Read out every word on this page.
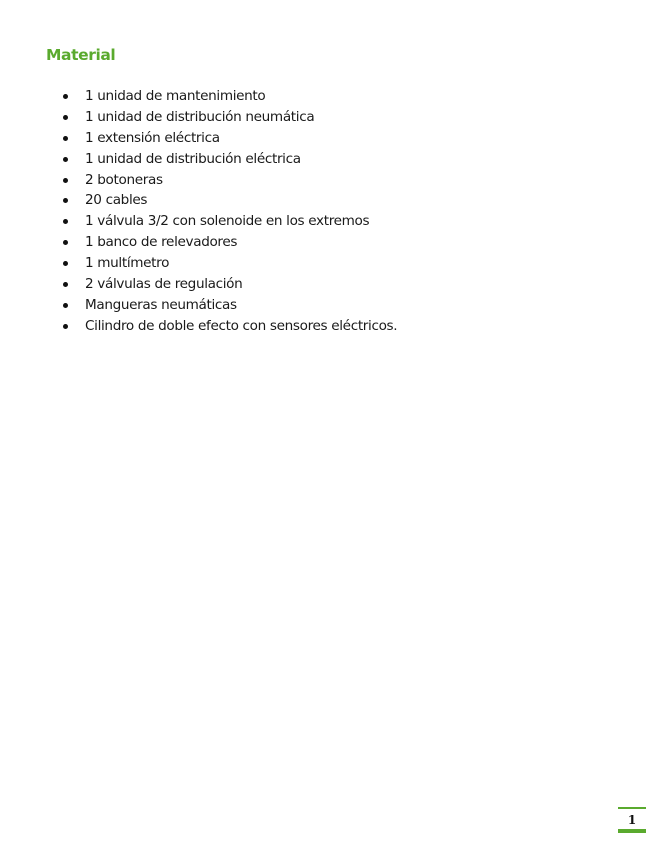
Material
1 unidad de mantenimiento
1 unidad de distribución neumática
1 extensión eléctrica
1 unidad de distribución eléctrica
2 botoneras
20 cables
1 válvula 3/2 con solenoide en los extremos
1 banco de relevadores
1 multímetro
2 válvulas de regulación
Mangueras neumáticas
Cilindro de doble efecto con sensores eléctricos.
1
